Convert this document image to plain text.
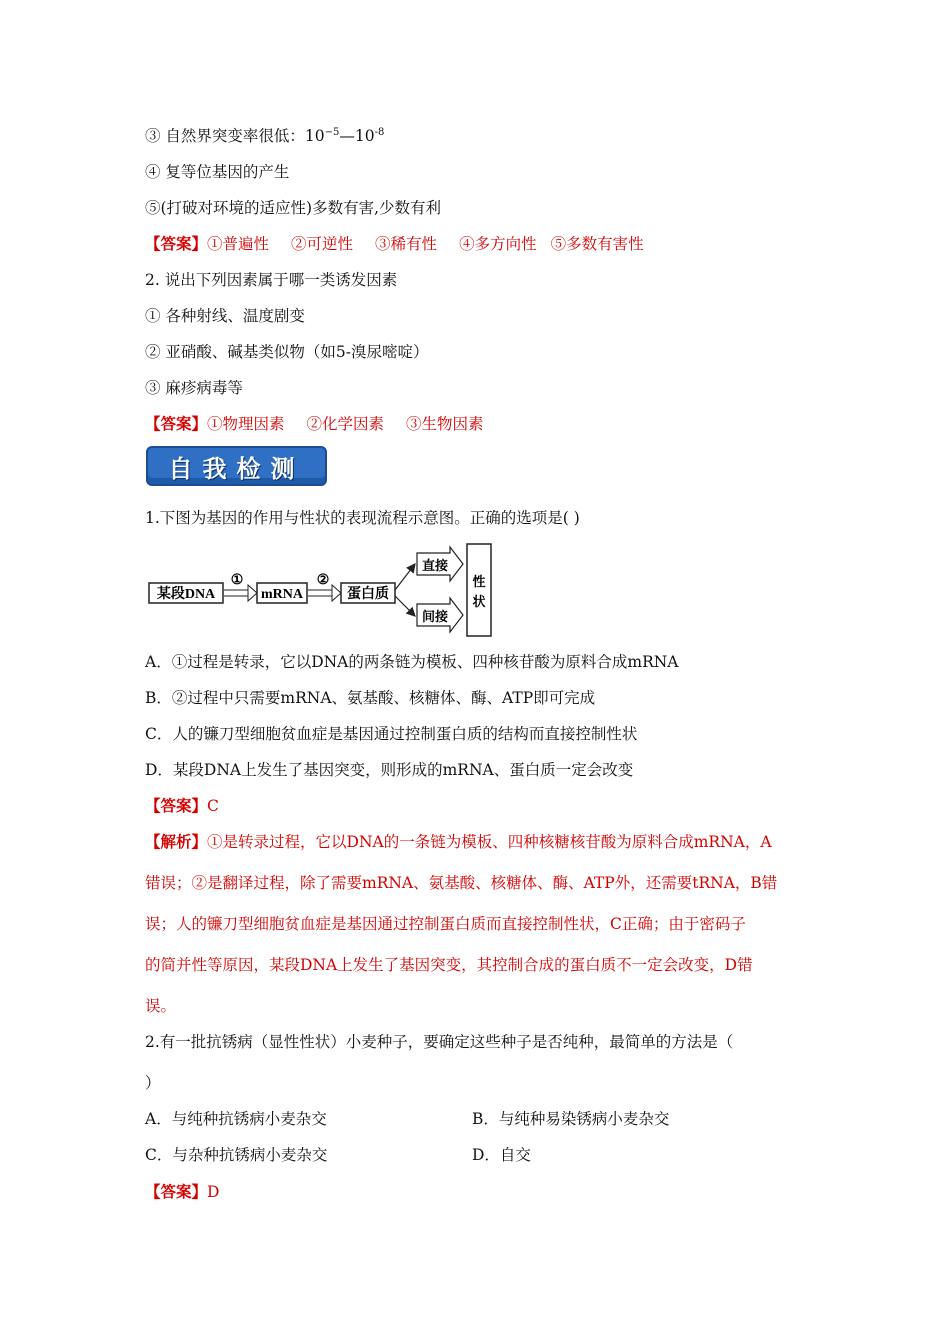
③ 自然界突变率很低：$10^{-5}—10^{-8}$
④ 复等位基因的产生
⑤(打破对环境的适应性)多数有害,少数有利
【答案】①普遍性 ②可逆性 ③稀有性 ④多方向性 ⑤多数有害性
2. 说出下列因素属于哪一类诱发因素
① 各种射线、温度剧变
② 亚硝酸、碱基类似物（如5-溴尿嘧啶）
③ 麻疹病毒等
【答案】①物理因素 ②化学因素 ③生物因素
自我检测
1.下图为基因的作用与性状的表现流程示意图。正确的选项是( )
某段DNA
①
mRNA
②
蛋白质
直接
间接
性
状
A．①过程是转录，它以DNA的两条链为模板、四种核苷酸为原料合成mRNA
B．②过程中只需要mRNA、氨基酸、核糖体、酶、ATP即可完成
C．人的镰刀型细胞贫血症是基因通过控制蛋白质的结构而直接控制性状
D．某段DNA上发生了基因突变，则形成的mRNA、蛋白质一定会改变
【答案】C
【解析】①是转录过程，它以DNA的一条链为模板、四种核糖核苷酸为原料合成mRNA，A
错误；②是翻译过程，除了需要mRNA、氨基酸、核糖体、酶、ATP外，还需要tRNA，B错
误；人的镰刀型细胞贫血症是基因通过控制蛋白质而直接控制性状，C正确；由于密码子
的简并性等原因，某段DNA上发生了基因突变，其控制合成的蛋白质不一定会改变，D错
误。
2.有一批抗锈病（显性性状）小麦种子，要确定这些种子是否纯种，最简单的方法是（
）
A．与纯种抗锈病小麦杂交	B．与纯种易染锈病小麦杂交
C．与杂种抗锈病小麦杂交	D．自交
【答案】D
